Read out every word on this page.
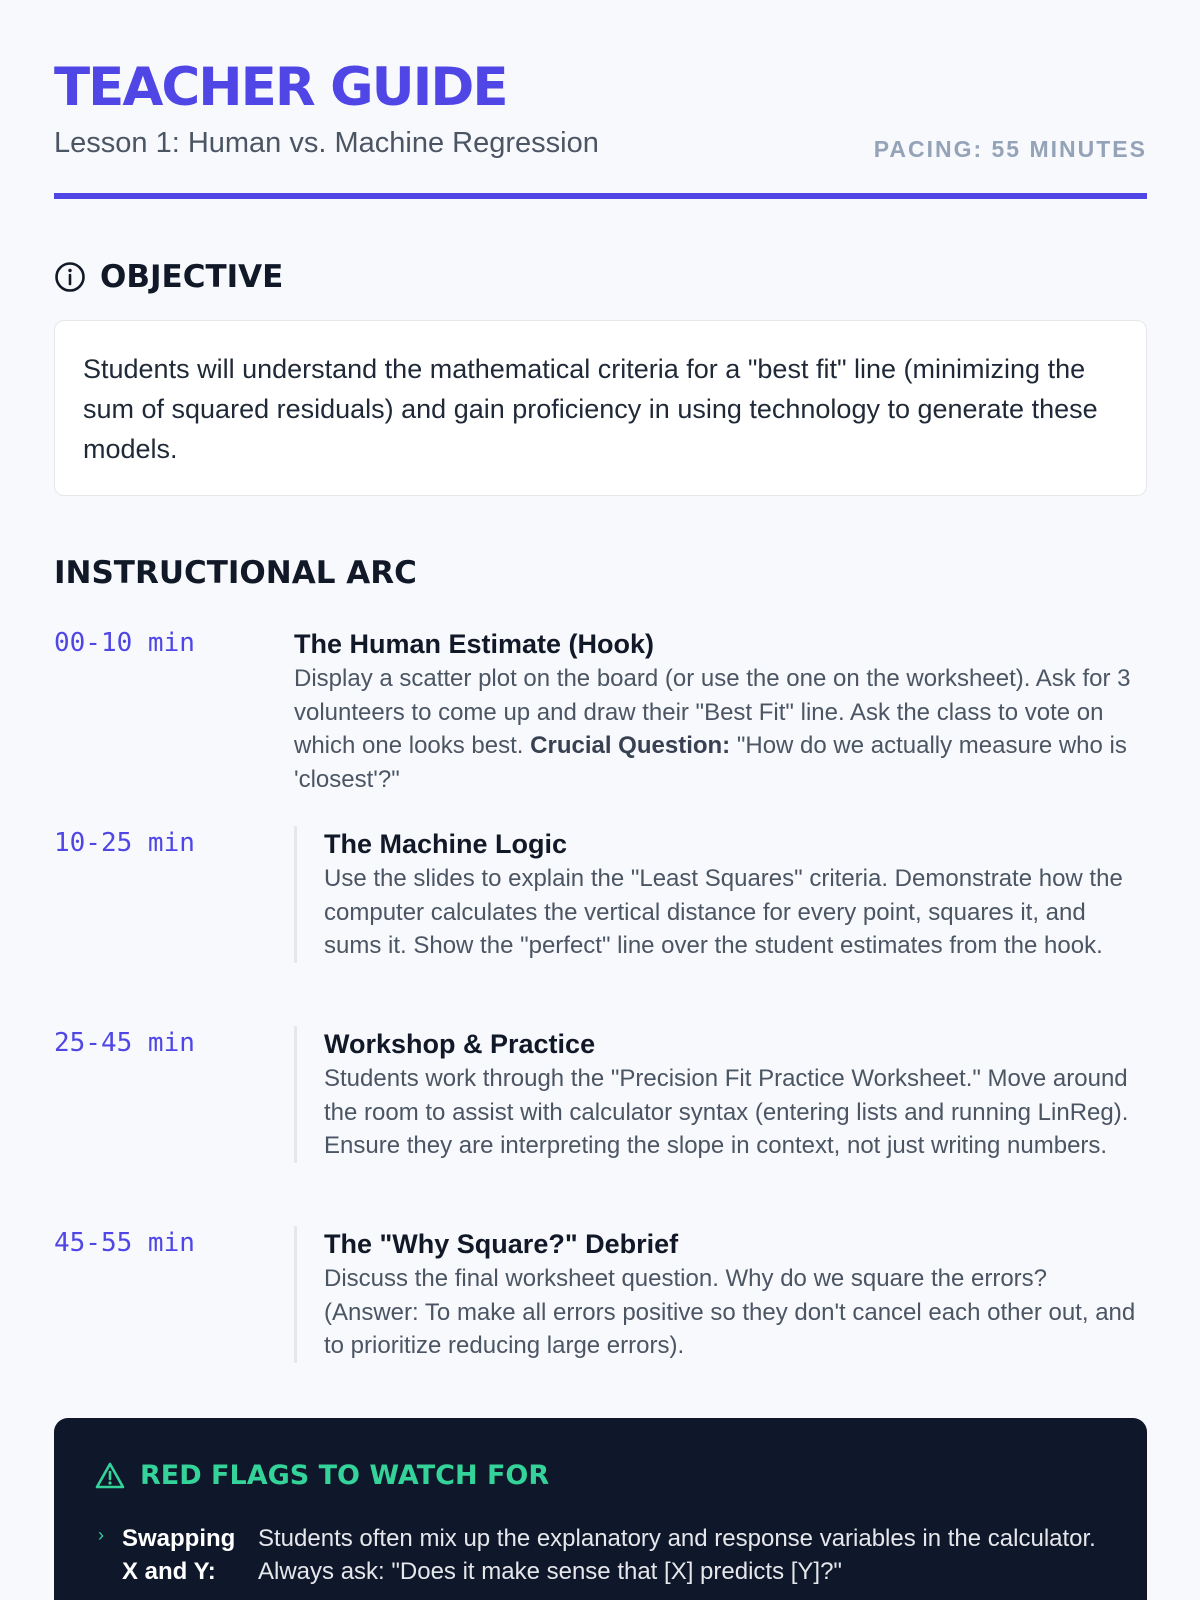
TEACHER GUIDE
Lesson 1: Human vs. Machine Regression	PACING: 55 MINUTES
OBJECTIVE

Students will understand the mathematical criteria for a "best fit" line (minimizing the sum of squared residuals) and gain proficiency in using technology to generate these models.

INSTRUCTIONAL ARC
00-10 min	The Human Estimate (Hook)

Display a scatter plot on the board (or use the one on the worksheet). Ask for 3 volunteers to come up and draw their "Best Fit" line. Ask the class to vote on which one looks best. Crucial Question: "How do we actually measure who is 'closest'?"

10-25 min	The Machine Logic

Use the slides to explain the "Least Squares" criteria. Demonstrate how the computer calculates the vertical distance for every point, squares it, and sums it. Show the "perfect" line over the student estimates from the hook.

25-45 min	Workshop & Practice

Students work through the "Precision Fit Practice Worksheet." Move around the room to assist with calculator syntax (entering lists and running LinReg). Ensure they are interpreting the slope in context, not just writing numbers.

45-55 min	The "Why Square?" Debrief

Discuss the final worksheet question. Why do we square the errors? (Answer: To make all errors positive so they don't cancel each other out, and to prioritize reducing large errors).

RED FLAGS TO WATCH FOR
› Swapping X and Y:
Students often mix up the explanatory and response variables in the calculator. Always ask: "Does it make sense that [X] predicts [Y]?"
